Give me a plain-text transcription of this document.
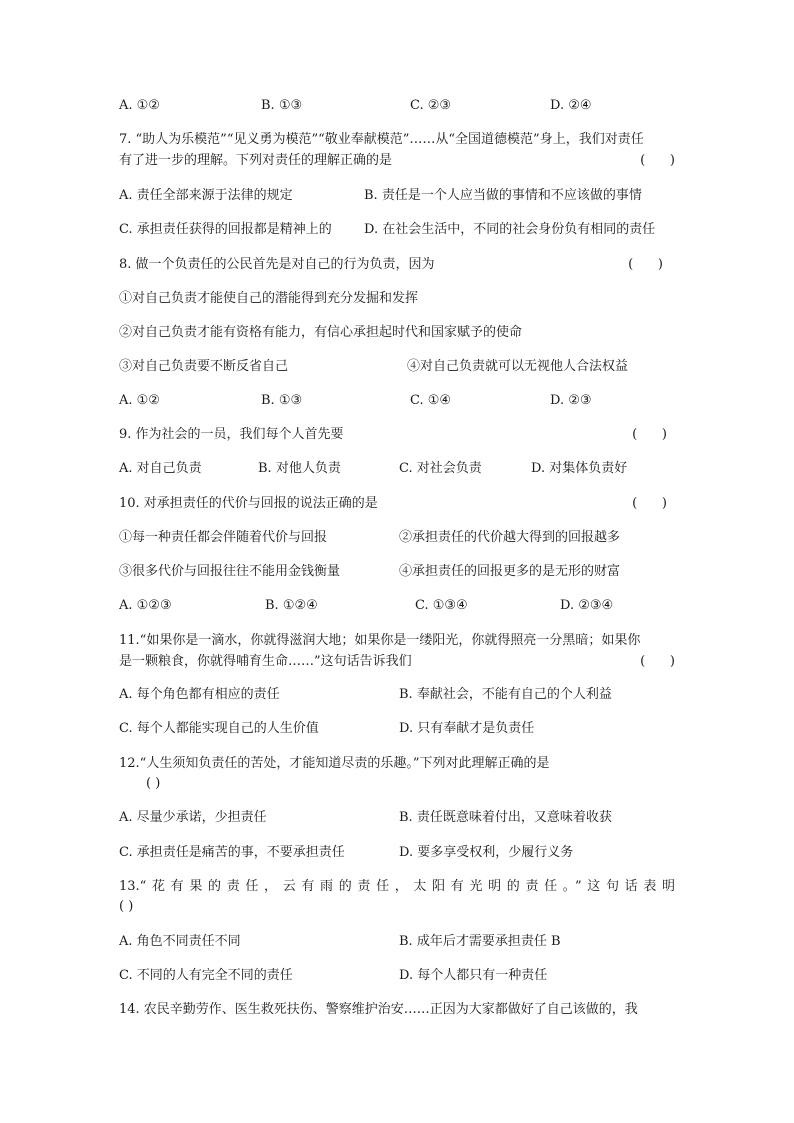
A. ①②	B. ①③	C. ②③	D. ②④
7. “助人为乐模范”“见义勇为模范”“敬业奉献模范”……从“全国道德模范”身上，我们对责任
有了进一步的理解。下列对责任的理解正确的是	(      )
A. 责任全部来源于法律的规定	B. 责任是一个人应当做的事情和不应该做的事情
C. 承担责任获得的回报都是精神上的 D. 在社会生活中，不同的社会身份负有相同的责任
8. 做一个负责任的公民首先是对自己的行为负责，因为	(      )
①对自己负责才能使自己的潜能得到充分发掘和发挥
②对自己负责才能有资格有能力，有信心承担起时代和国家赋予的使命
③对自己负责要不断反省自己	④对自己负责就可以无视他人合法权益
A. ①②	B. ①③	C. ①④	D. ②③
9. 作为社会的一员，我们每个人首先要	(      )
A. 对自己负责	B. 对他人负责	C. 对社会负责	D. 对集体负责好
10. 对承担责任的代价与回报的说法正确的是	(      )
①每一种责任都会伴随着代价与回报	②承担责任的代价越大得到的回报越多
③很多代价与回报往往不能用金钱衡量	④承担责任的回报更多的是无形的财富
A. ①②③	B. ①②④	C. ①③④	D. ②③④
11.“如果你是一滴水，你就得滋润大地；如果你是一缕阳光，你就得照亮一分黑暗；如果你
是一颗粮食，你就得哺育生命……”这句话告诉我们	(      )
A. 每个角色都有相应的责任	B. 奉献社会，不能有自己的个人利益
C. 每个人都能实现自己的人生价值	D. 只有奉献才是负责任
12.“人生须知负责任的苦处，才能知道尽责的乐趣。”下列对此理解正确的是
( )
A. 尽量少承诺，少担责任	B. 责任既意味着付出，又意味着收获
C. 承担责任是痛苦的事，不要承担责任	D. 要多享受权利，少履行义务
13.“花有果的责任，云有雨的责任，太阳有光明的责任。”这句话表明
( )
A. 角色不同责任不同	B. 成年后才需要承担责任 B
C. 不同的人有完全不同的责任	D. 每个人都只有一种责任
14. 农民辛勤劳作、医生救死扶伤、警察维护治安……正因为大家都做好了自己该做的，我
